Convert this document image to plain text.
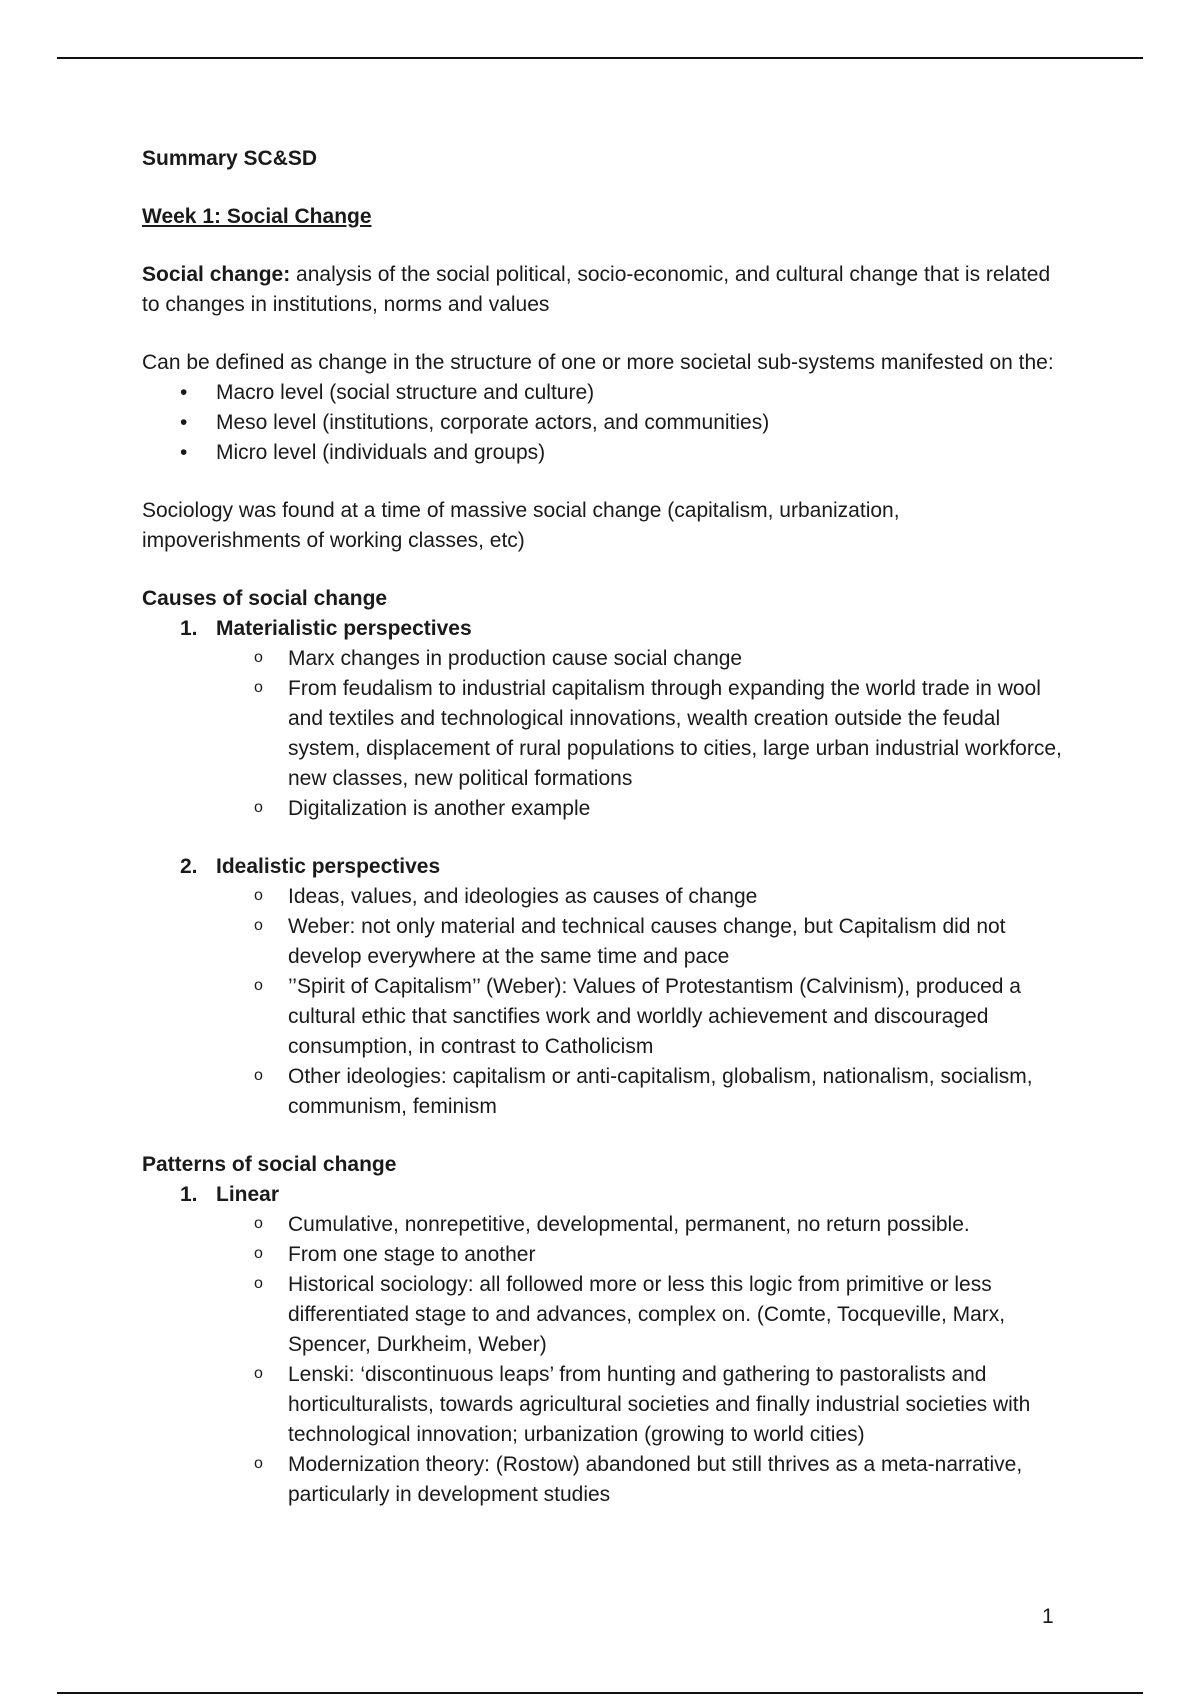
Summary SC&SD

Week 1: Social Change

Social change: analysis of the social political, socio-economic, and cultural change that is related to changes in institutions, norms and values

Can be defined as change in the structure of one or more societal sub-systems manifested on the:

• Macro level (social structure and culture)
• Meso level (institutions, corporate actors, and communities)
• Micro level (individuals and groups)

Sociology was found at a time of massive social change (capitalism, urbanization, impoverishments of working classes, etc)

Causes of social change

1. Materialistic perspectives
o Marx changes in production cause social change
o From feudalism to industrial capitalism through expanding the world trade in wool and textiles and technological innovations, wealth creation outside the feudal system, displacement of rural populations to cities, large urban industrial workforce, new classes, new political formations
o Digitalization is another example
2. Idealistic perspectives
o Ideas, values, and ideologies as causes of change
o Weber: not only material and technical causes change, but Capitalism did not develop everywhere at the same time and pace
o ’’Spirit of Capitalism’’ (Weber): Values of Protestantism (Calvinism), produced a cultural ethic that sanctifies work and worldly achievement and discouraged consumption, in contrast to Catholicism
o Other ideologies: capitalism or anti-capitalism, globalism, nationalism, socialism, communism, feminism

Patterns of social change

1. Linear
o Cumulative, nonrepetitive, developmental, permanent, no return possible.
o From one stage to another
o Historical sociology: all followed more or less this logic from primitive or less differentiated stage to and advances, complex on. (Comte, Tocqueville, Marx, Spencer, Durkheim, Weber)
o Lenski: ‘discontinuous leaps’ from hunting and gathering to pastoralists and horticulturalists, towards agricultural societies and finally industrial societies with technological innovation; urbanization (growing to world cities)
o Modernization theory: (Rostow) abandoned but still thrives as a meta-narrative, particularly in development studies
1
